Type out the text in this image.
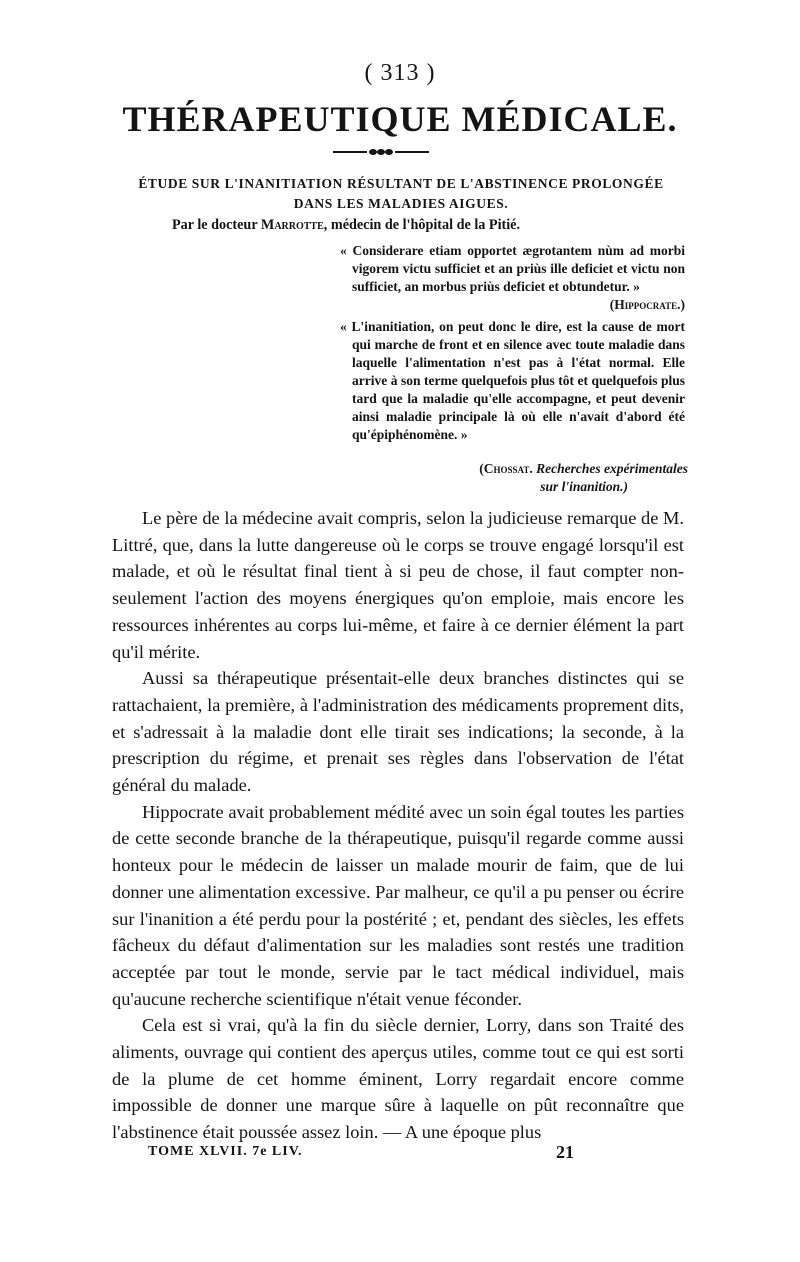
( 313 )
THÉRAPEUTIQUE MÉDICALE.
ÉTUDE SUR L'INANITIATION RÉSULTANT DE L'ABSTINENCE PROLONGÉE
DANS LES MALADIES AIGUES.
Par le docteur Marrotte, médecin de l'hôpital de la Pitié.

« Considerare etiam opportet ægrotantem nùm ad morbi vigorem victu sufficiet et an priùs ille deficiet et victu non sufficiet, an morbus priùs deficiet et obtundetur. »

(Hippocrate.)

« L'inanitiation, on peut donc le dire, est la cause de mort qui marche de front et en silence avec toute maladie dans laquelle l'alimentation n'est pas à l'état normal. Elle arrive à son terme quelquefois plus tôt et quelquefois plus tard que la maladie qu'elle accompagne, et peut devenir ainsi maladie principale là où elle n'avait d'abord été qu'épiphénomène. »

(Chossat. Recherches expérimentales
sur l'inanition.)

Le père de la médecine avait compris, selon la judicieuse remarque de M. Littré, que, dans la lutte dangereuse où le corps se trouve engagé lorsqu'il est malade, et où le résultat final tient à si peu de chose, il faut compter non-seulement l'action des moyens énergiques qu'on emploie, mais encore les ressources inhérentes au corps lui-même, et faire à ce dernier élément la part qu'il mérite.

Aussi sa thérapeutique présentait-elle deux branches distinctes qui se rattachaient, la première, à l'administration des médicaments proprement dits, et s'adressait à la maladie dont elle tirait ses indications; la seconde, à la prescription du régime, et prenait ses règles dans l'observation de l'état général du malade.

Hippocrate avait probablement médité avec un soin égal toutes les parties de cette seconde branche de la thérapeutique, puisqu'il regarde comme aussi honteux pour le médecin de laisser un malade mourir de faim, que de lui donner une alimentation excessive. Par malheur, ce qu'il a pu penser ou écrire sur l'inanition a été perdu pour la postérité ; et, pendant des siècles, les effets fâcheux du défaut d'alimentation sur les maladies sont restés une tradition acceptée par tout le monde, servie par le tact médical individuel, mais qu'aucune recherche scientifique n'était venue féconder.

Cela est si vrai, qu'à la fin du siècle dernier, Lorry, dans son Traité des aliments, ouvrage qui contient des aperçus utiles, comme tout ce qui est sorti de la plume de cet homme éminent, Lorry regardait encore comme impossible de donner une marque sûre à laquelle on pût reconnaître que l'abstinence était poussée assez loin. — A une époque plus

TOME XLVII. 7e LIV.	21
